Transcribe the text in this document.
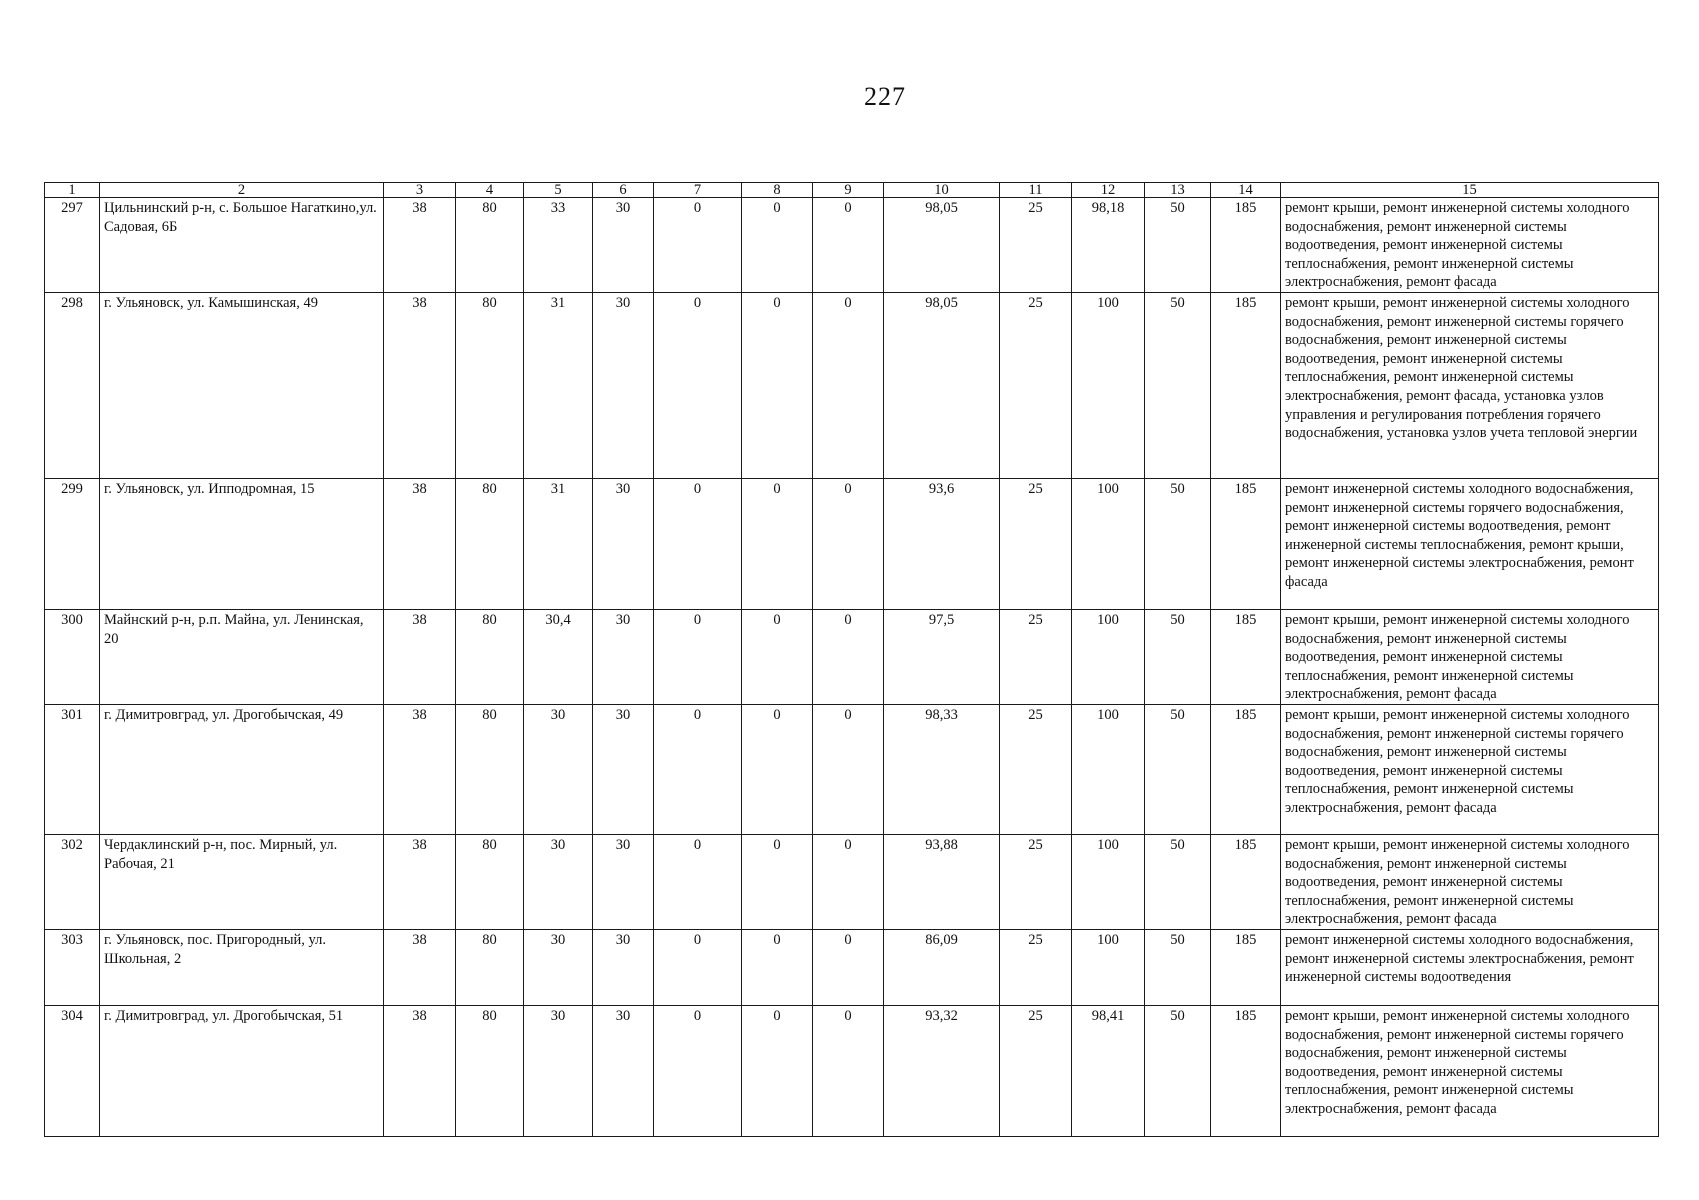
227
1	2	3	4	5	6	7	8	9	10	11	12	13	14	15
297	Цильнинский р-н, с. Большое Нагаткино,ул. Садовая, 6Б	38	80	33	30	0	0	0	98,05	25	98,18	50	185	ремонт крыши, ремонт инженерной системы холодного водоснабжения, ремонт инженерной системы водоотведения, ремонт инженерной системы теплоснабжения, ремонт инженерной системы электроснабжения, ремонт фасада
298	г. Ульяновск, ул. Камышинская, 49	38	80	31	30	0	0	0	98,05	25	100	50	185	ремонт крыши, ремонт инженерной системы холодного водоснабжения, ремонт инженерной системы горячего водоснабжения, ремонт инженерной системы водоотведения, ремонт инженерной системы теплоснабжения, ремонт инженерной системы электроснабжения, ремонт фасада, установка узлов управления и регулирования потребления горячего водоснабжения, установка узлов учета тепловой энергии
299	г. Ульяновск, ул. Ипподромная, 15	38	80	31	30	0	0	0	93,6	25	100	50	185	ремонт инженерной системы холодного водоснабжения, ремонт инженерной системы горячего водоснабжения, ремонт инженерной системы водоотведения, ремонт инженерной системы теплоснабжения, ремонт крыши, ремонт инженерной системы электроснабжения, ремонт фасада
300	Майнский р-н, р.п. Майна, ул. Ленинская, 20	38	80	30,4	30	0	0	0	97,5	25	100	50	185	ремонт крыши, ремонт инженерной системы холодного водоснабжения, ремонт инженерной системы водоотведения, ремонт инженерной системы теплоснабжения, ремонт инженерной системы электроснабжения, ремонт фасада
301	г. Димитровград, ул. Дрогобычская, 49	38	80	30	30	0	0	0	98,33	25	100	50	185	ремонт крыши, ремонт инженерной системы холодного водоснабжения, ремонт инженерной системы горячего водоснабжения, ремонт инженерной системы водоотведения, ремонт инженерной системы теплоснабжения, ремонт инженерной системы электроснабжения, ремонт фасада
302	Чердаклинский р-н, пос. Мирный, ул. Рабочая, 21	38	80	30	30	0	0	0	93,88	25	100	50	185	ремонт крыши, ремонт инженерной системы холодного водоснабжения, ремонт инженерной системы водоотведения, ремонт инженерной системы теплоснабжения, ремонт инженерной системы электроснабжения, ремонт фасада
303	г. Ульяновск, пос. Пригородный, ул. Школьная, 2	38	80	30	30	0	0	0	86,09	25	100	50	185	ремонт инженерной системы холодного водоснабжения, ремонт инженерной системы электроснабжения, ремонт инженерной системы водоотведения
304	г. Димитровград, ул. Дрогобычская, 51	38	80	30	30	0	0	0	93,32	25	98,41	50	185	ремонт крыши, ремонт инженерной системы холодного водоснабжения, ремонт инженерной системы горячего водоснабжения, ремонт инженерной системы водоотведения, ремонт инженерной системы теплоснабжения, ремонт инженерной системы электроснабжения, ремонт фасада
